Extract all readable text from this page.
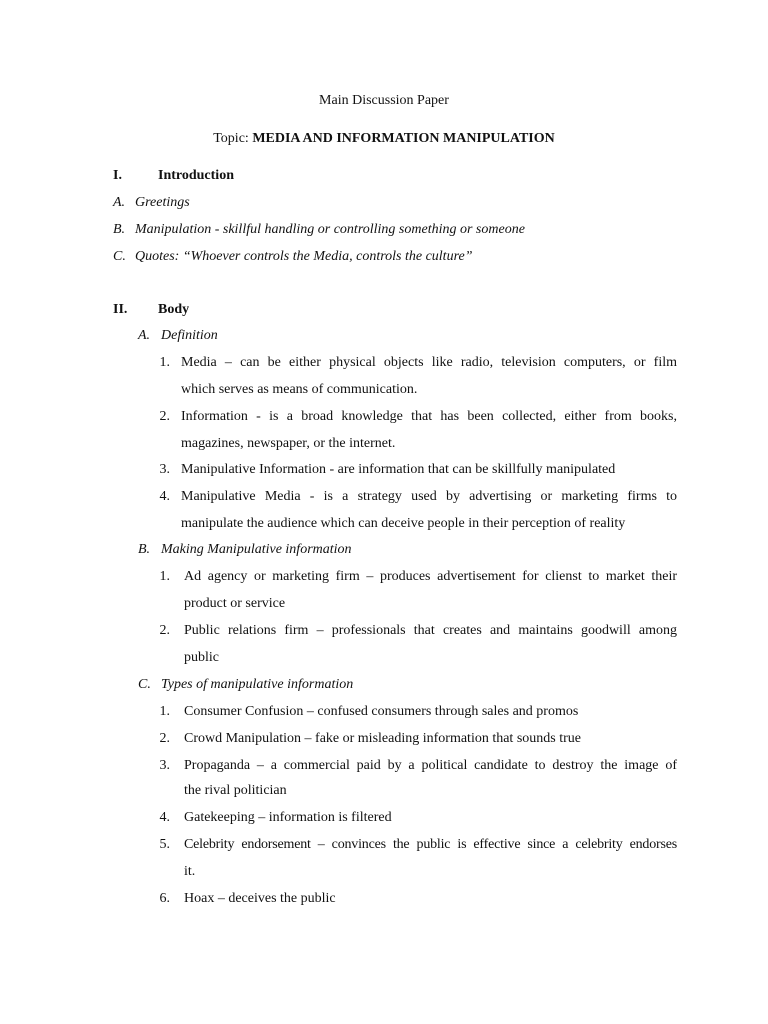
Main Discussion Paper
Topic: MEDIA AND INFORMATION MANIPULATION
I.	Introduction
A. Greetings
B. Manipulation - skillful handling or controlling something or someone
C. Quotes: “Whoever controls the Media, controls the culture”
II. Body
A. Definition
1. Media – can be either physical objects like radio, television computers, or film
which serves as means of communication.
2. Information - is a broad knowledge that has been collected, either from books,
magazines, newspaper, or the internet.
3. Manipulative Information - are information that can be skillfully manipulated
4. Manipulative Media - is a strategy used by advertising or marketing firms to
manipulate the audience which can deceive people in their perception of reality
B. Making Manipulative information
1. Ad agency or marketing firm – produces advertisement for clienst to market their
product or service
2. Public relations firm – professionals that creates and maintains goodwill among
public
C. Types of manipulative information
1. Consumer Confusion – confused consumers through sales and promos
2. Crowd Manipulation – fake or misleading information that sounds true
3. Propaganda – a commercial paid by a political candidate to destroy the image of
the rival politician
4. Gatekeeping – information is filtered
5. Celebrity endorsement – convinces the public is effective since a celebrity endorses
it.
6. Hoax – deceives the public
